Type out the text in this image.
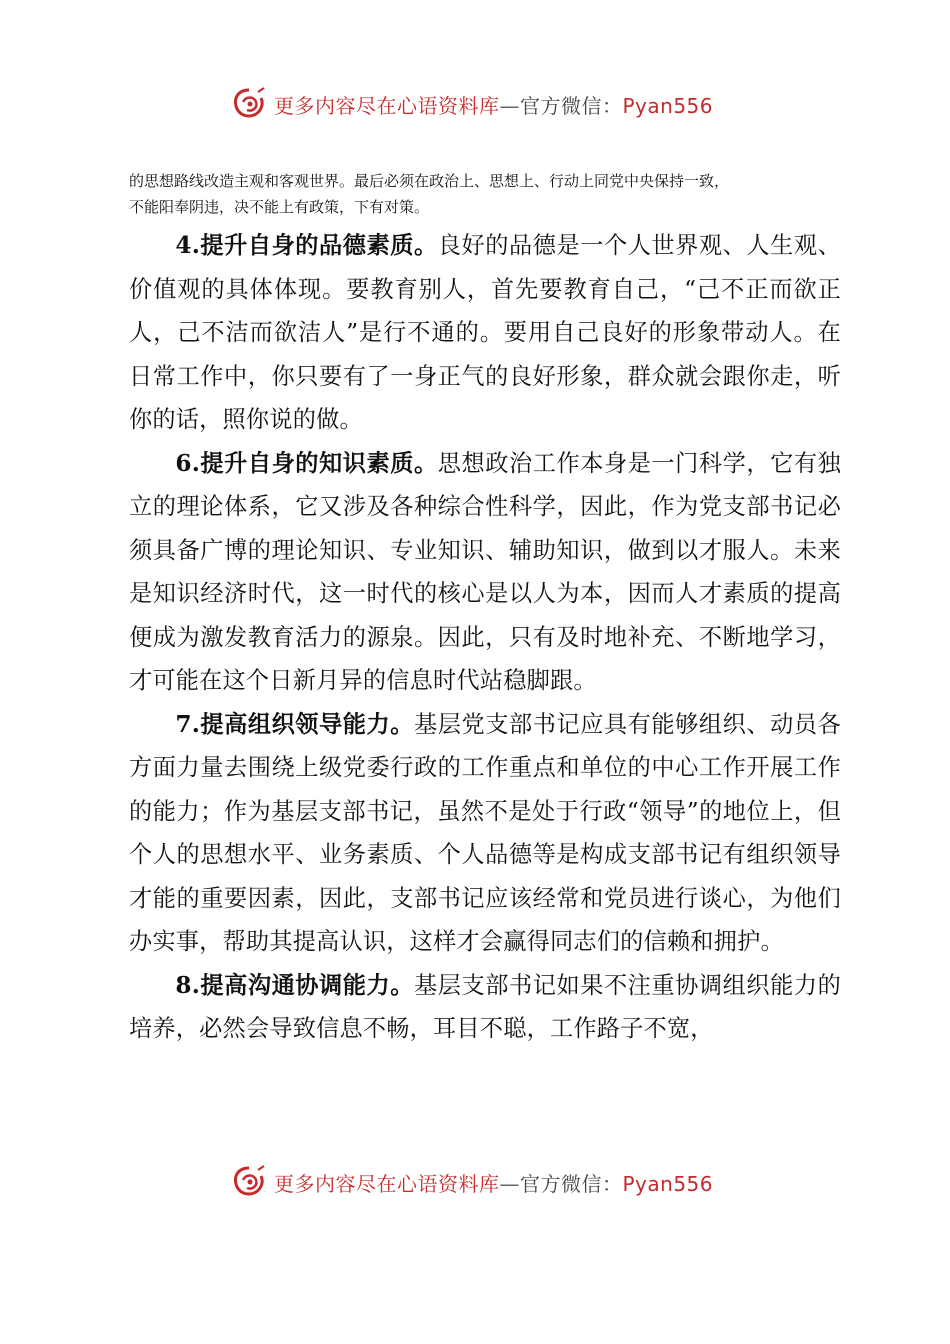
更多内容尽在心语资料库—官方微信：Pyan556

的思想路线改造主观和客观世界。最后必须在政治上、思想上、行动上同党中央保持一致，

不能阳奉阴违，决不能上有政策，下有对策。

4.提升自身的品德素质。良好的品德是一个人世界观、人生观、价值观的具体体现。要教育别人，首先要教育自己，“己不正而欲正人，己不洁而欲洁人”是行不通的。要用自己良好的形象带动人。在日常工作中，你只要有了一身正气的良好形象，群众就会跟你走，听你的话，照你说的做。

6.提升自身的知识素质。思想政治工作本身是一门科学，它有独立的理论体系，它又涉及各种综合性科学，因此，作为党支部书记必须具备广博的理论知识、专业知识、辅助知识，做到以才服人。未来是知识经济时代，这一时代的核心是以人为本，因而人才素质的提高便成为激发教育活力的源泉。因此，只有及时地补充、不断地学习，才可能在这个日新月异的信息时代站稳脚跟。

7.提高组织领导能力。基层党支部书记应具有能够组织、动员各方面力量去围绕上级党委行政的工作重点和单位的中心工作开展工作的能力；作为基层支部书记，虽然不是处于行政“领导”的地位上，但个人的思想水平、业务素质、个人品德等是构成支部书记有组织领导才能的重要因素，因此，支部书记应该经常和党员进行谈心，为他们办实事，帮助其提高认识，这样才会赢得同志们的信赖和拥护。

8.提高沟通协调能力。基层支部书记如果不注重协调组织能力的培养，必然会导致信息不畅，耳目不聪，工作路子不宽，

更多内容尽在心语资料库—官方微信：Pyan556
